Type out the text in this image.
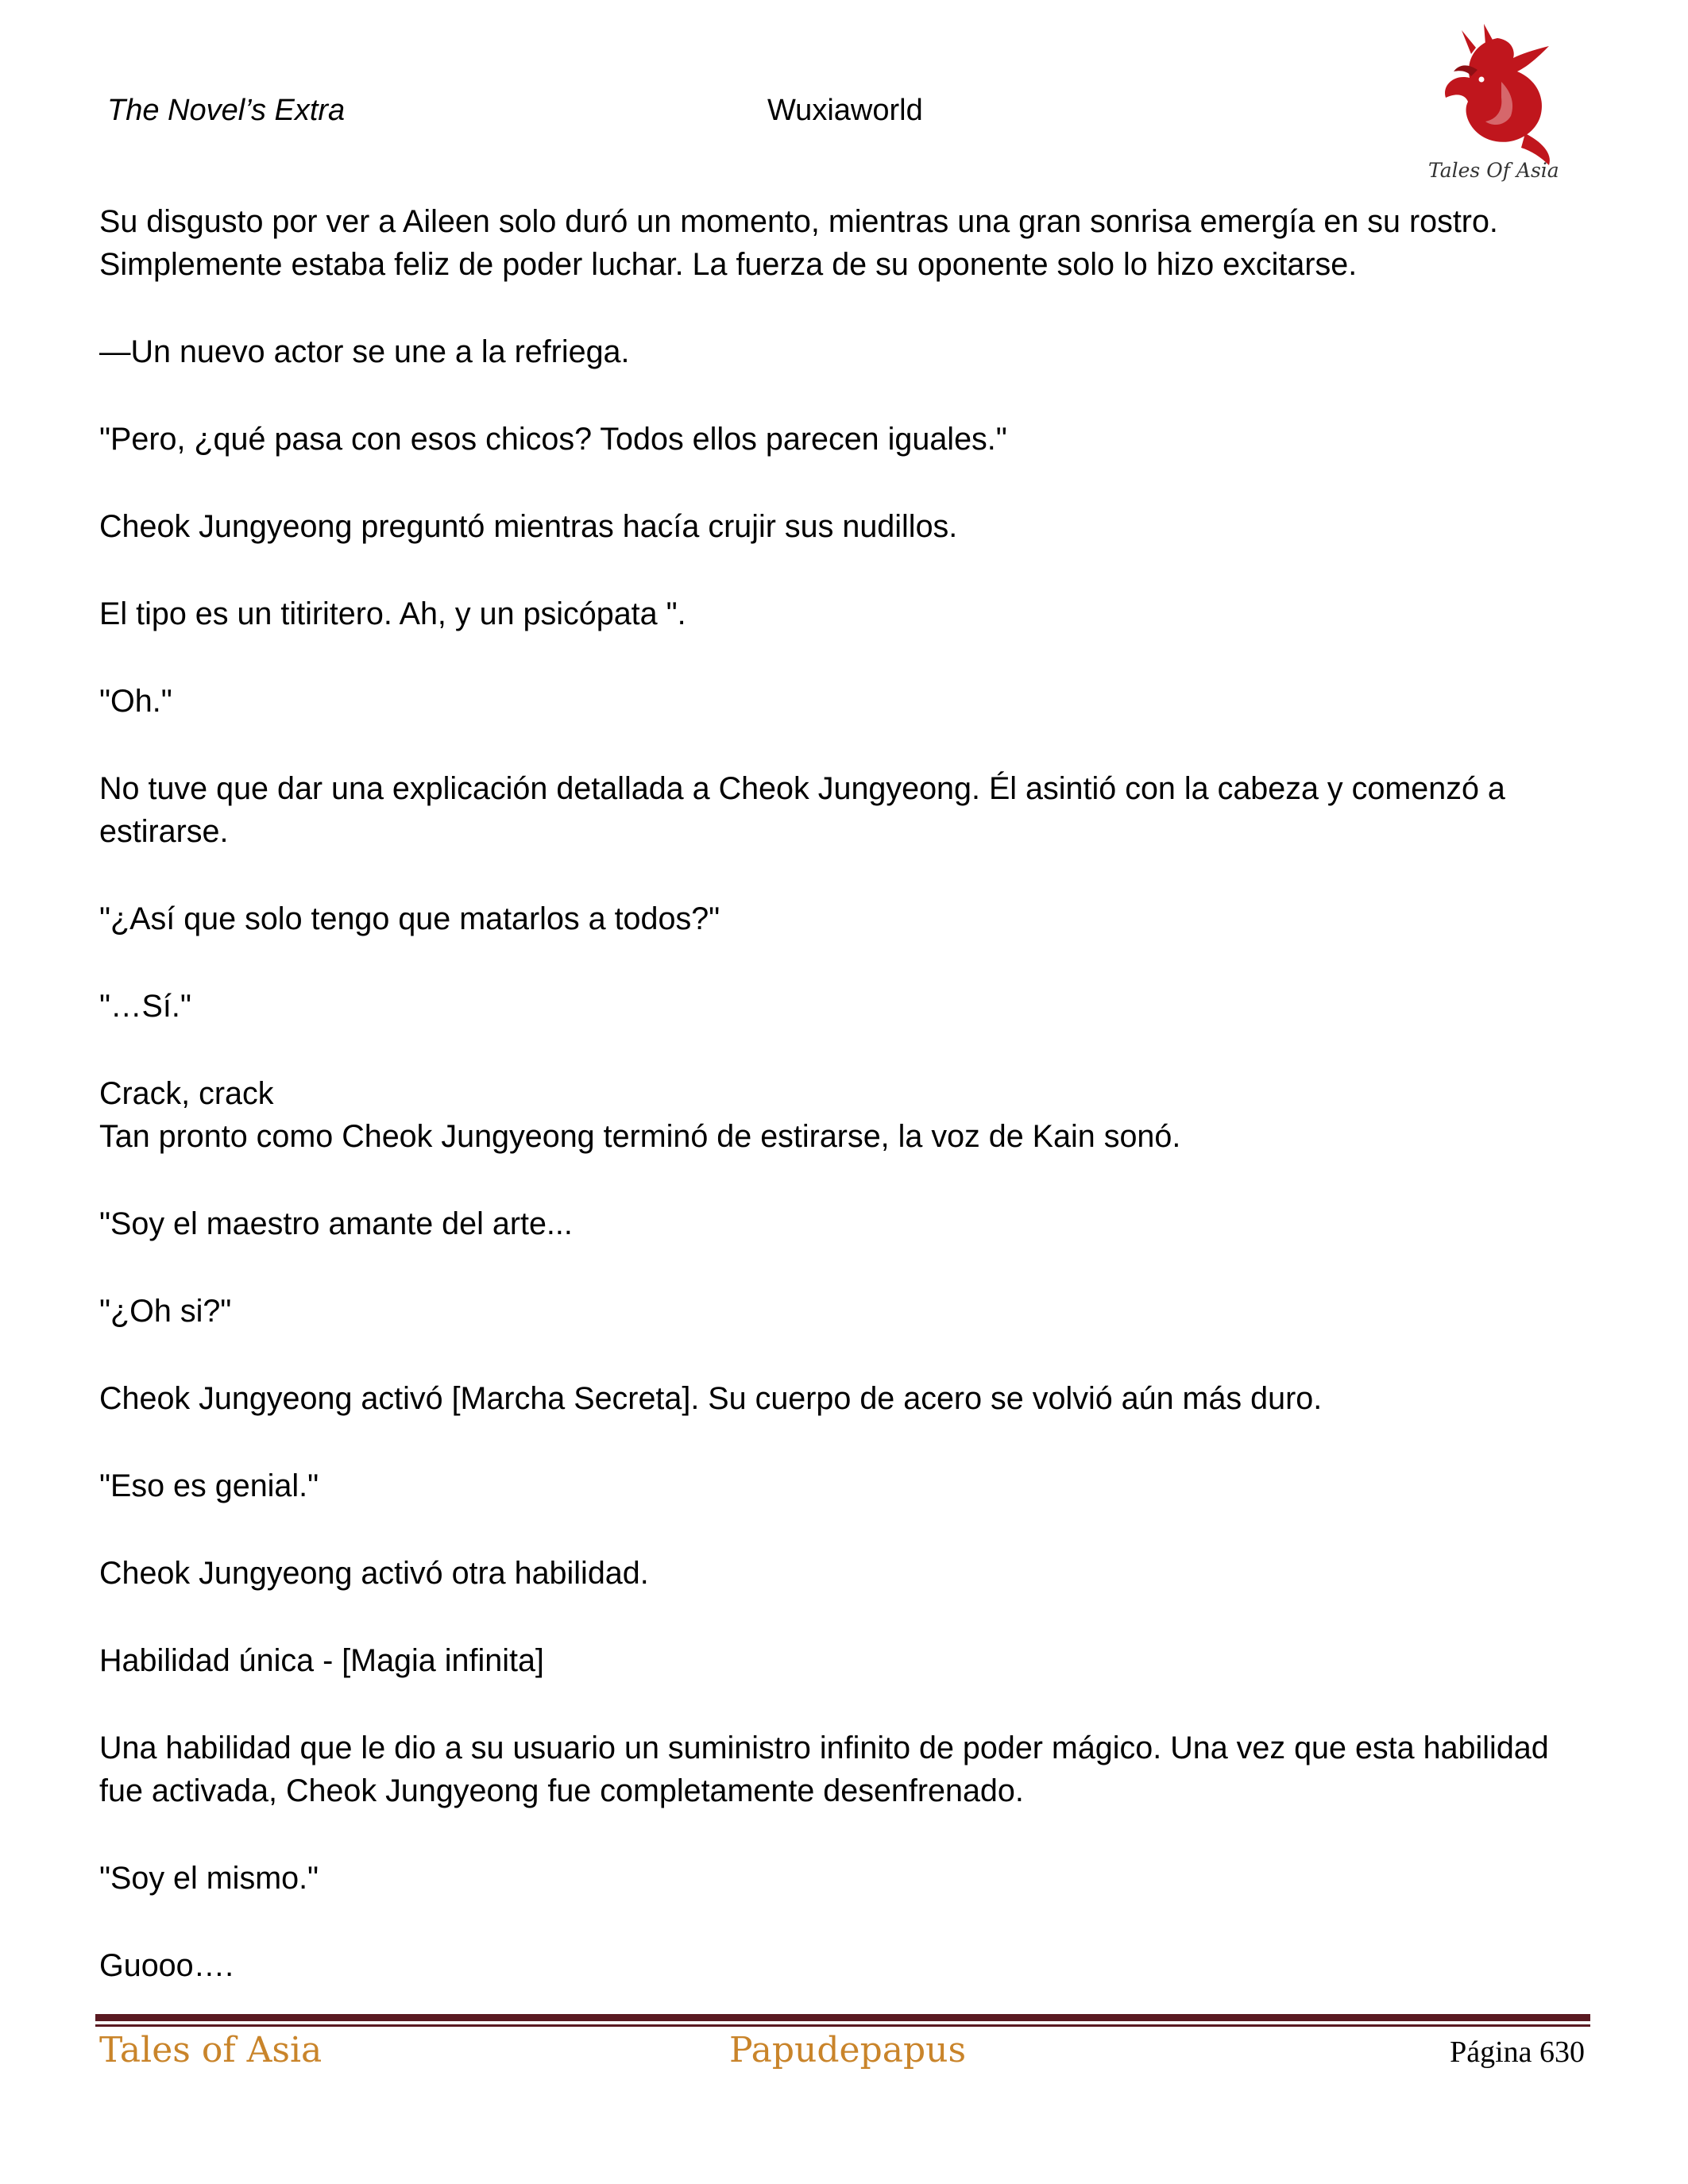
The Novel’s Extra	Wuxiaworld
Tales Of Asia

Su disgusto por ver a Aileen solo duró un momento, mientras una gran sonrisa emergía en su rostro. Simplemente estaba feliz de poder luchar. La fuerza de su oponente solo lo hizo excitarse.

—Un nuevo actor se une a la refriega.

"Pero, ¿qué pasa con esos chicos? Todos ellos parecen iguales."

Cheok Jungyeong preguntó mientras hacía crujir sus nudillos.

El tipo es un titiritero. Ah, y un psicópata ".

"Oh."

No tuve que dar una explicación detallada a Cheok Jungyeong. Él asintió con la cabeza y comenzó a estirarse.

"¿Así que solo tengo que matarlos a todos?"

"…Sí."

Crack, crack

Tan pronto como Cheok Jungyeong terminó de estirarse, la voz de Kain sonó.

"Soy el maestro amante del arte...

"¿Oh si?"

Cheok Jungyeong activó [Marcha Secreta]. Su cuerpo de acero se volvió aún más duro.

"Eso es genial."

Cheok Jungyeong activó otra habilidad.

Habilidad única - [Magia infinita]

Una habilidad que le dio a su usuario un suministro infinito de poder mágico. Una vez que esta habilidad fue activada, Cheok Jungyeong fue completamente desenfrenado.

"Soy el mismo."

Guooo….

Tales of Asia	Papudepapus	Página 630
